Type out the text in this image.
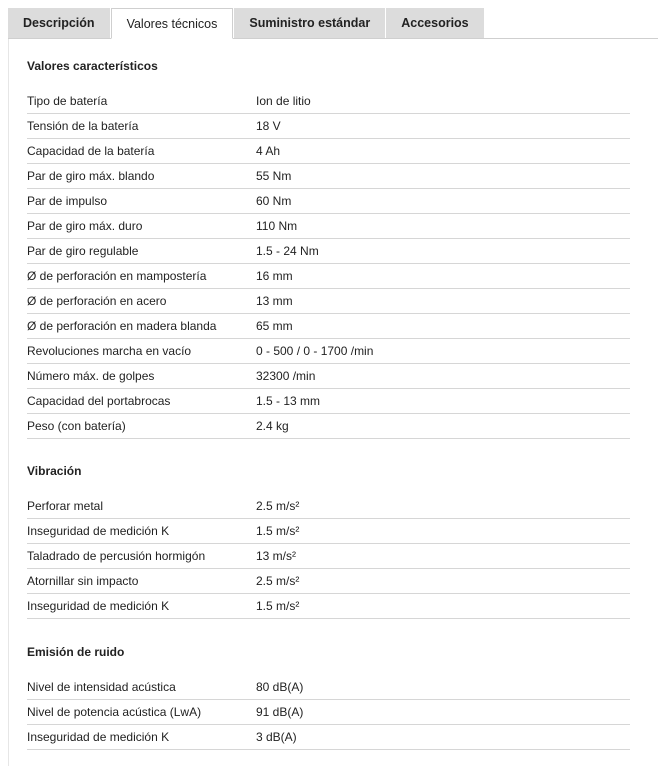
Descripción	Valores técnicos	Suministro estándar	Accesorios
Valores característicos
Tipo de batería	Ion de litio
Tensión de la batería	18 V
Capacidad de la batería	4 Ah
Par de giro máx. blando	55 Nm
Par de impulso	60 Nm
Par de giro máx. duro	110 Nm
Par de giro regulable	1.5 - 24 Nm
Ø de perforación en mampostería	16 mm
Ø de perforación en acero	13 mm
Ø de perforación en madera blanda	65 mm
Revoluciones marcha en vacío	0 - 500 / 0 - 1700 /min
Número máx. de golpes	32300 /min
Capacidad del portabrocas	1.5 - 13 mm
Peso (con batería)	2.4 kg
Vibración
Perforar metal	2.5 m/s²
Inseguridad de medición K	1.5 m/s²
Taladrado de percusión hormigón	13 m/s²
Atornillar sin impacto	2.5 m/s²
Inseguridad de medición K	1.5 m/s²
Emisión de ruido
Nivel de intensidad acústica	80 dB(A)
Nivel de potencia acústica (LwA)	91 dB(A)
Inseguridad de medición K	3 dB(A)
